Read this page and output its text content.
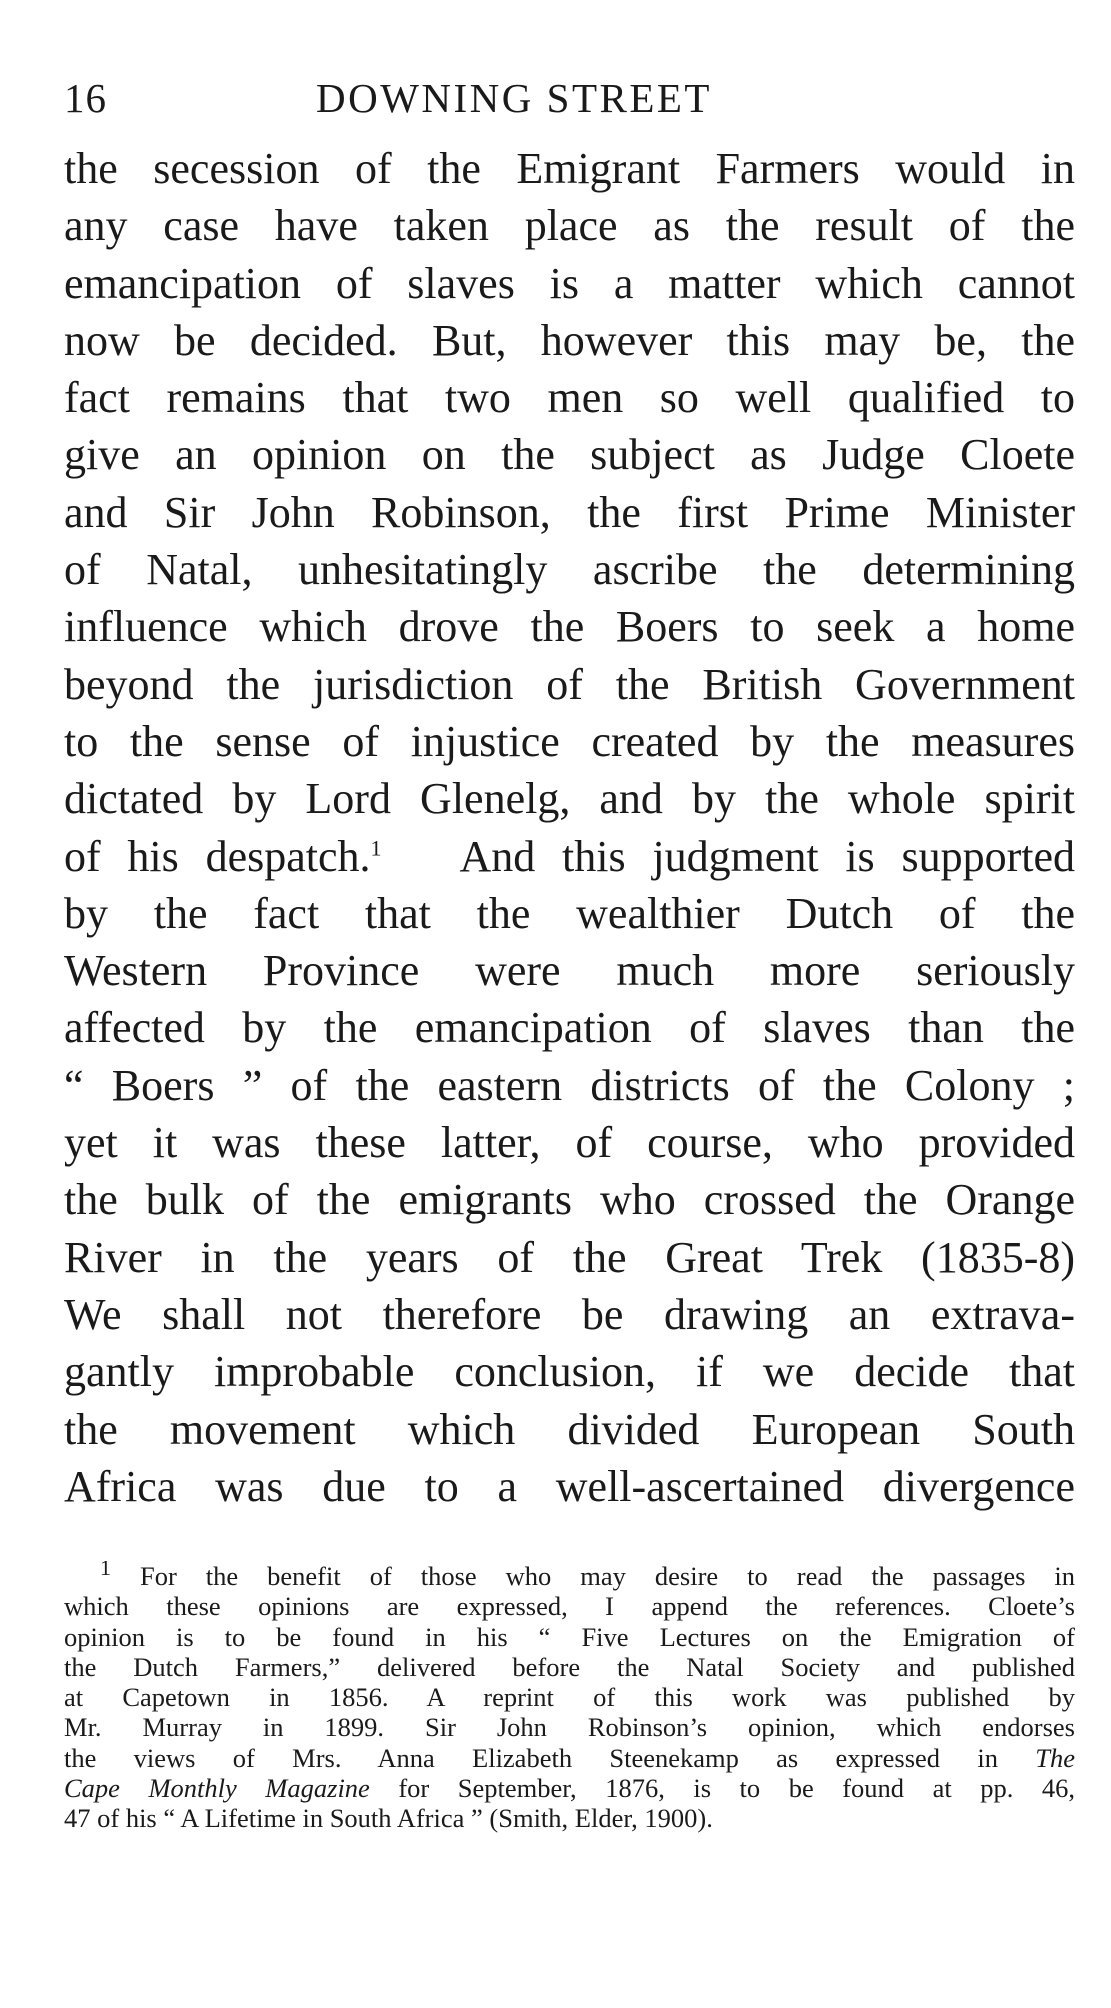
16	DOWNING STREET
the secession of the Emigrant Farmers would in
any case have taken place as the result of the
emancipation of slaves is a matter which cannot
now be decided. But, however this may be, the
fact remains that two men so well qualified to
give an opinion on the subject as Judge Cloete
and Sir John Robinson, the first Prime Minister
of Natal, unhesitatingly ascribe the determining
influence which drove the Boers to seek a home
beyond the jurisdiction of the British Government
to the sense of injustice created by the measures
dictated by Lord Glenelg, and by the whole spirit
of his despatch.$^1$ And this judgment is supported
by the fact that the wealthier Dutch of the
Western Province were much more seriously
affected by the emancipation of slaves than the
“ Boers ” of the eastern districts of the Colony ;
yet it was these latter, of course, who provided
the bulk of the emigrants who crossed the Orange
River in the years of the Great Trek (1835-8)
We shall not therefore be drawing an extrava-
gantly improbable conclusion, if we decide that
the movement which divided European South
Africa was due to a well-ascertained divergence
$^1$ For the benefit of those who may desire to read the passages in
which these opinions are expressed, I append the references. Cloete’s
opinion is to be found in his “ Five Lectures on the Emigration of
the Dutch Farmers,” delivered before the Natal Society and published
at Capetown in 1856. A reprint of this work was published by
Mr. Murray in 1899. Sir John Robinson’s opinion, which endorses
the views of Mrs. Anna Elizabeth Steenekamp as expressed in The
Cape Monthly Magazine for September, 1876, is to be found at pp. 46,
47 of his “ A Lifetime in South Africa ” (Smith, Elder, 1900).
